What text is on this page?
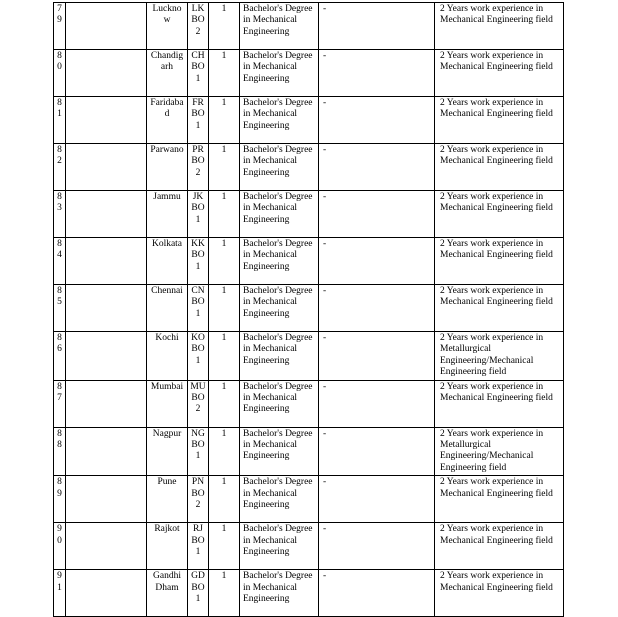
79		Lucknow	LKBO2	1	Bachelor's Degree in Mechanical Engineering	-	2 Years work experience in Mechanical Engineering field
80		Chandigarh	CHBO1	1	Bachelor's Degree in Mechanical Engineering	-	2 Years work experience in Mechanical Engineering field
81		Faridabad	FRBO1	1	Bachelor's Degree in Mechanical Engineering	-	2 Years work experience in Mechanical Engineering field
82		Parwano	PRBO2	1	Bachelor's Degree in Mechanical Engineering	-	2 Years work experience in Mechanical Engineering field
83		Jammu	JKBO1	1	Bachelor's Degree in Mechanical Engineering	-	2 Years work experience in Mechanical Engineering field
84		Kolkata	KKBO1	1	Bachelor's Degree in Mechanical Engineering	-	2 Years work experience in Mechanical Engineering field
85		Chennai	CNBO1	1	Bachelor's Degree in Mechanical Engineering	-	2 Years work experience in Mechanical Engineering field
86		Kochi	KOBO1	1	Bachelor's Degree in Mechanical Engineering	-	2 Years work experience in Metallurgical Engineering/Mechanical Engineering field
87		Mumbai	MUBO2	1	Bachelor's Degree in Mechanical Engineering	-	2 Years work experience in Mechanical Engineering field
88		Nagpur	NGBO1	1	Bachelor's Degree in Mechanical Engineering	-	2 Years work experience in Metallurgical Engineering/Mechanical Engineering field
89		Pune	PNBO2	1	Bachelor's Degree in Mechanical Engineering	-	2 Years work experience in Mechanical Engineering field
90		Rajkot	RJBO1	1	Bachelor's Degree in Mechanical Engineering	-	2 Years work experience in Mechanical Engineering field
91		Gandhi Dham	GDBO1	1	Bachelor's Degree in Mechanical Engineering	-	2 Years work experience in Mechanical Engineering field
